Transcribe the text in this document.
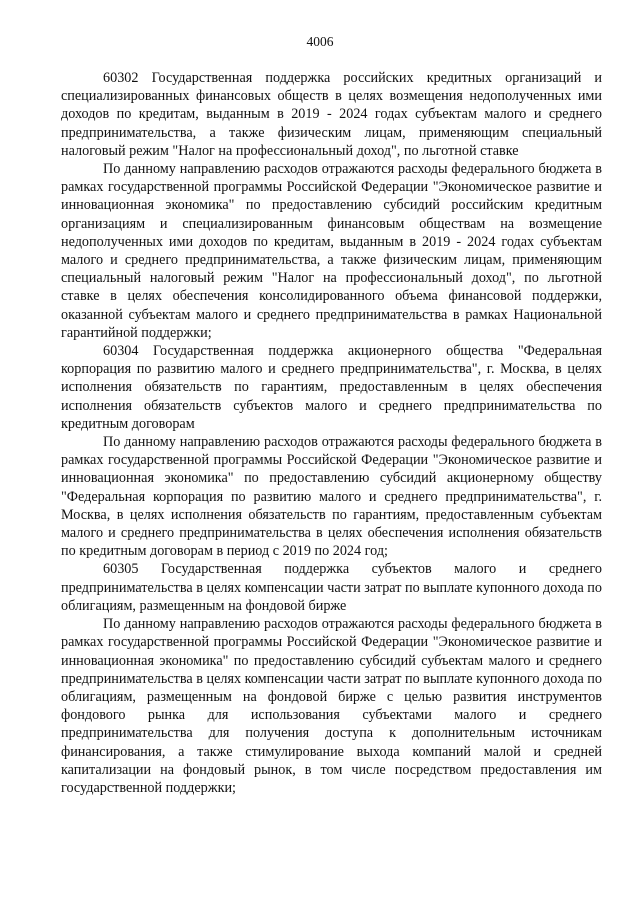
4006

60302 Государственная поддержка российских кредитных организаций и специализированных финансовых обществ в целях возмещения недополученных ими доходов по кредитам, выданным в 2019 - 2024 годах субъектам малого и среднего предпринимательства, а также физическим лицам, применяющим специальный налоговый режим "Налог на профессиональный доход", по льготной ставке

По данному направлению расходов отражаются расходы федерального бюджета в рамках государственной программы Российской Федерации "Экономическое развитие и инновационная экономика" по предоставлению субсидий российским кредитным организациям и специализированным финансовым обществам на возмещение недополученных ими доходов по кредитам, выданным в 2019 - 2024 годах субъектам малого и среднего предпринимательства, а также физическим лицам, применяющим специальный налоговый режим "Налог на профессиональный доход", по льготной ставке в целях обеспечения консолидированного объема финансовой поддержки, оказанной субъектам малого и среднего предпринимательства в рамках Национальной гарантийной поддержки;

60304 Государственная поддержка акционерного общества "Федеральная корпорация по развитию малого и среднего предпринимательства", г. Москва, в целях исполнения обязательств по гарантиям, предоставленным в целях обеспечения исполнения обязательств субъектов малого и среднего предпринимательства по кредитным договорам

По данному направлению расходов отражаются расходы федерального бюджета в рамках государственной программы Российской Федерации "Экономическое развитие и инновационная экономика" по предоставлению субсидий акционерному обществу "Федеральная корпорация по развитию малого и среднего предпринимательства", г. Москва, в целях исполнения обязательств по гарантиям, предоставленным субъектам малого и среднего предпринимательства в целях обеспечения исполнения обязательств по кредитным договорам в период с 2019 по 2024 год;

60305 Государственная поддержка субъектов малого и среднего предпринимательства в целях компенсации части затрат по выплате купонного дохода по облигациям, размещенным на фондовой бирже

По данному направлению расходов отражаются расходы федерального бюджета в рамках государственной программы Российской Федерации "Экономическое развитие и инновационная экономика" по предоставлению субсидий субъектам малого и среднего предпринимательства в целях компенсации части затрат по выплате купонного дохода по облигациям, размещенным на фондовой бирже с целью развития инструментов фондового рынка для использования субъектами малого и среднего предпринимательства для получения доступа к дополнительным источникам финансирования, а также стимулирование выхода компаний малой и средней капитализации на фондовый рынок, в том числе посредством предоставления им государственной поддержки;
